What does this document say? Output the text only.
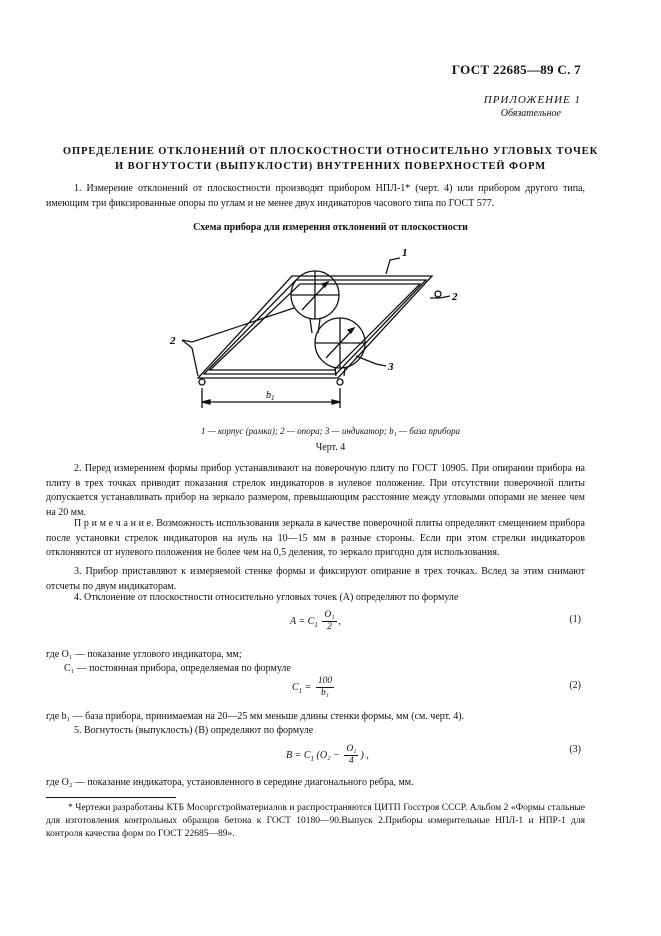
ГОСТ 22685—89 С. 7
ПРИЛОЖЕНИЕ 1
Обязательное
ОПРЕДЕЛЕНИЕ ОТКЛОНЕНИЙ ОТ ПЛОСКОСТНОСТИ ОТНОСИТЕЛЬНО УГЛОВЫХ ТОЧЕК
И ВОГНУТОСТИ (ВЫПУКЛОСТИ) ВНУТРЕННИХ ПОВЕРХНОСТЕЙ ФОРМ
1. Измерение отклонений от плоскостности производят прибором НПЛ-1* (черт. 4) или прибором другого типа, имеющим три фиксированные опоры по углам и не менее двух индикаторов часового типа по ГОСТ 577.
Схема прибора для измерения отклонений от плоскостности
1
2
2
3
$b_1$
1 — корпус (рамка); 2 — опора; 3 — индикатор; b₁ — база прибора
Черт. 4
2. Перед измерением формы прибор устанавливают на поверочную плиту по ГОСТ 10905. При опирании прибора на плиту в трех точках приводят показания стрелок индикаторов в нулевое положение. При отсутствии поверочной плиты допускается устанавливать прибор на зеркало размером, превышающим расстояние между угловыми опорами не менее чем на 20 мм.
П р и м е ч а н и е. Возможность использования зеркала в качестве поверочной плиты определяют смещением прибора после установки стрелок индикаторов на нуль на 10—15 мм в разные стороны. Если при этом стрелки индикаторов отклоняются от нулевого положения не более чем на 0,5 деления, то зеркало пригодно для использования.
3. Прибор приставляют к измеряемой стенке формы и фиксируют опирание в трех точках. Вслед за этим снимают отсчеты по двум индикаторам.
4. Отклонение от плоскостности относительно угловых точек (A) определяют по формуле
$A = C_1 \frac{\text{O₁}}{2}$ ,	(1)
где O₁ — показание углового индикатора, мм;
C₁ — постоянная прибора, определяемая по формуле
$C_1 = \frac{100}{\text{b₁}}$	(2)
где b₁ — база прибора, принимаемая на 20—25 мм меньше длины стенки формы, мм (см. черт. 4).
5. Вогнутость (выпуклость) (B) определяют по формуле
$B = C_1$ ($O_2 - \frac{\text{O₁}}{4}$ ) ,
(3)
где O₂ — показание индикатора, установленного в середине диагонального ребра, мм.
* Чертежи разработаны КТБ Мосоргстройматериалов и распространяются ЦИТП Госстроя СССР. Альбом 2 «Формы стальные для изготовления контрольных образцов бетона к ГОСТ 10180—90.Выпуск 2.Приборы измерительные НПЛ-1 и НПР-1 для контроля качества форм по ГОСТ 22685—89».
